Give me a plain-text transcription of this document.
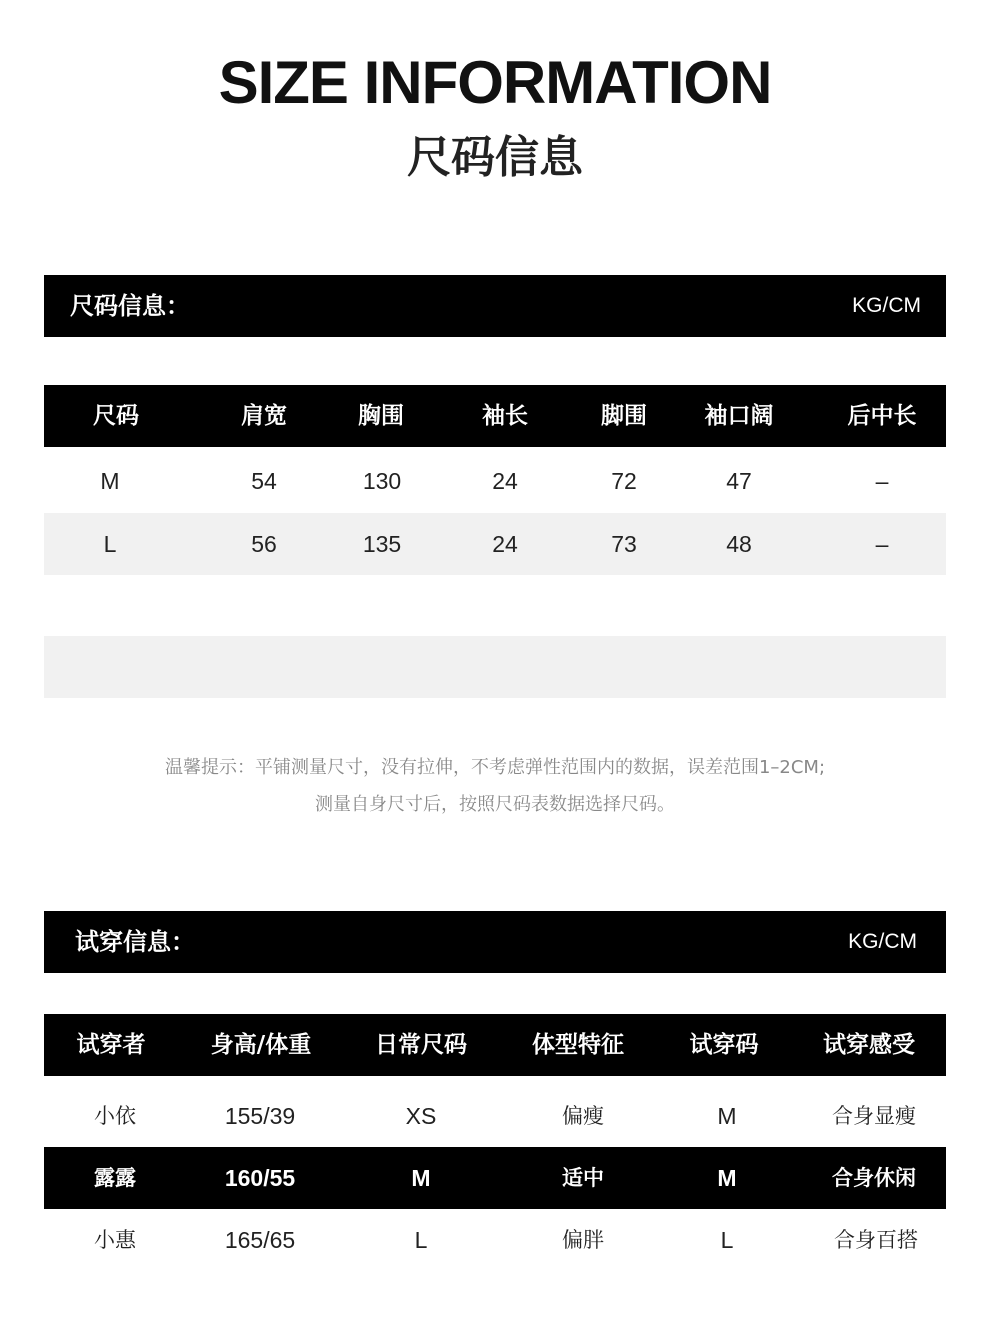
SIZE INFORMATION
尺码信息
尺码信息：	KG/CM
尺码	肩宽	胸围	袖长	脚围	袖口阔	后中长
M	54	130	24	72	47	–
L	56	135	24	73	48	–
温馨提示：平铺测量尺寸，没有拉伸，不考虑弹性范围内的数据，误差范围1–2CM;
测量自身尺寸后，按照尺码表数据选择尺码。
试穿信息：	KG/CM
试穿者	身高/体重	日常尺码	体型特征	试穿码	试穿感受
小依	155/39	XS	偏瘦	M	合身显瘦
露露	160/55	M	适中	M	合身休闲
小惠	165/65	L	偏胖	L	合身百搭
